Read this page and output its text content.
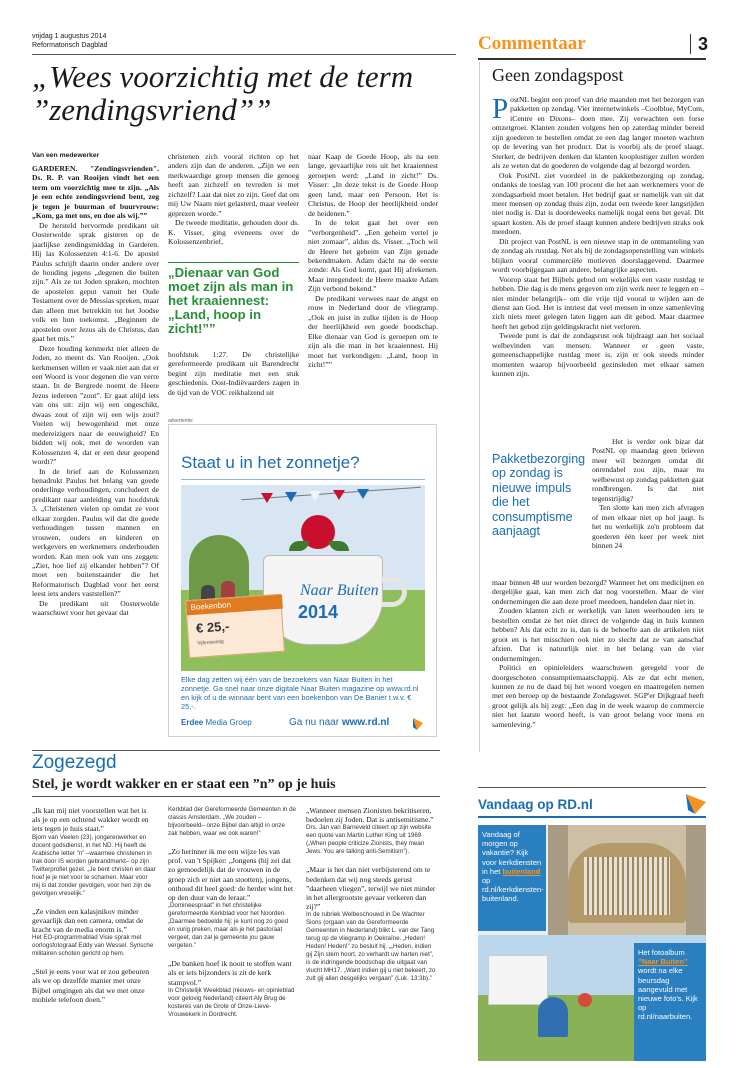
vrijdag 1 augustus 2014
Reformatorisch Dagblad	Commentaar	3
„Wees voorzichtig met de term ”zendingsvriend””
Van een medewerker

GARDEREN. "Zendingsvrienden". Ds. R. P. van Rooijen vindt het een term om voorzichtig mee te zijn. „Als je een echte zendingsvriend bent, zeg je tegen je buurman of buurvrouw: „Kom, ga met ons, en doe als wij.””

De hersteld hervormde predikant uit Oosterwolde sprak gisteren op de jaarlijkse zendingsmiddag in Garderen. Hij las Kolossenzen 4:1-6. De apostel Paulus schrijft daarin onder andere over de houding jegens „degenen die buiten zijn.” Als ze tot Joden spraken, mochten de apostelen geput vanuit het Oude Testament over de Messias spreken, maar dan alleen met betrekkin tot het Joodse volk en hun toekomst. „Beginnen de apostelen over Jezus als de Christus, dan gaat het mis.”

Deze houding kenmerkt niet alleen de Joden, zo meent ds. Van Rooijen. „Ook kerkmensen willen er vaak niet aan dat er een Woord is voor degenen die van verre staan. In de Bergrede noemt de Heere Jezus iedereen ”zout”. Er gaat altijd iets van ons uit: zijn wij een ongeschikt, dwaas zout of zijn wij een wijs zout? Voelen wij bewogenheid met onze medereizigers naar de eeuwigheid? En bidden wij ook, met de woorden van Kolossenzen 4, dat er een deur geopend wordt?”

In de brief aan de Kolossenzen benadrukt Paulus het belang van goede onderlinge verhoudingen, concludeert de predikant naar aanleiding van hoofdstuk 3. „Christenen vielen op omdat ze voor elkaar zorgden. Paulus wil dat die goede verhoudingen tussen mannen en vrouwen, ouders en kinderen en werkgevers en werknemers onderhouden worden. Kan men ook van ons zeggen: „Ziet, hoe lief zij elkander hebben”? Of moet een buitenstaander die het Reformatorisch Dagblad voor het eerst leest iets anders vaststellen?”

De predikant uit Oosterwolde waarschuwt voor het gevaar dat

christenen zich vooral richten op het anders zijn dan de anderen. „Zijn we een merkwaardige groep mensen die genoeg heeft aan zichzelf en tevreden is met zichzelf? Laat dat niet zo zijn. Geef dat om mij Uw Naam niet gelasterd, maar veeleer geprezen worde.”

De tweede meditatie, gehouden door ds. K. Visser, ging eveneens over de Kolossenzenbrief,

„Dienaar van God moet zijn als man in het kraaiennest: „Land, hoop in zicht!””

hoofdstuk 1:27. De christelijke gereformeerde predikant uit Barendrecht begint zijn meditatie met een stuk geschiedenis. Oost-Indiëvaarders zagen in de tijd van de VOC reikhalzend uit

naar Kaap de Goede Hoop, als na een lange, gevaarlijke reis uit het kraaiennest geroepen werd: „Land in zicht!” Ds. Visser: „In deze tekst is de Goede Hoop geen land, maar een Persoon. Het is Christus, de Hoop der heerlijkheid onder de heidenen.”

In de tekst gaat het over een ”verborgenheid”. „Een geheim vertel je niet zomaar”, aldus ds. Visser. „Toch wil de Heere het geheim van Zijn genade bekendmaken. Adam dacht na de eerste zonde: Als God komt, gaat Hij afrekenen. Maar integendeel: de Heere maakte Adam Zijn verbond bekend.”

De predikant verwees naar de angst en rouw in Nederland door de vliegramp. „Ook en juist in zulke tijden is de Hoop der heerlijkheid een goede boodschap. Elke dienaar van God is geroepen om te zijn als die man in het kraaiennest. Hij moet het verkondigen: „Land, hoop in zicht!””

advertentie
Staat u in het zonnetje?
Naar Buiten
2014
Boekenbon
€ 25,-
Vijfentwintig
Elke dag zetten wij één van de bezoekers van Naar Buiten in het zonnetje. Ga snel naar onze digitale Naar Buiten magazine op www.rd.nl en kijk of u de winnaar bent van een boekenbon van De Banier t.w.v. € 25,-.
Erdee Media Groep	Ga nu naar www.rd.nl
Zogezegd
Stel, je wordt wakker en er staat een ”n” op je huis
„Ik kan mij niet voorstellen wat het is als je op een ochtend wakker wordt en iets tegen je huis staat.”
Bjorn van Veelen (23), jongerenwerker en docent godsdienst, in het ND. Hij heeft de Arabische letter ”n” –waarmee christenen in Irak door IS worden gebrandmerkt– op zijn Twitterprofiel gezet. „Je bent christen en daar hoef je je niet voor te schamen. Maar voor mij is dat zonder gevolgen, voor hen zijn de gevolgen vreselijk.”
„Ze vinden een kalasjnikov minder gevaarlijk dan een camera, omdat de kracht van de media enorm is.”
Het EO-programmablad Visie sprak met oorlogsfotograaf Eddy van Wessel. Syrische militairen schoten gericht op hem.
„Stel je eens voor wat er zou gebeuren als we op dezelfde manier met onze Bijbel omgingen als dat we met onze mobiele telefoon doen.”
Kerkblad der Gereformeerde Gemeenten in de classis Amsterdam. „We zouden –bijvoorbeeld– onze Bijbel dan altijd in onze zak hebben, waar we ook waren!”
„Zo herinner ik me een wijze les van prof. van 't Spijker: „Jongens (hij zei dat zo gemoedelijk dat de vrouwen in de groep zich er niet aan stootten), jongens, onthoud dit heel goed: de herder wint het op den duur van de leraar.”
„Domineespraat” in het christelijke gereformeerde Kerkblad voor het Noorden. „Daarmee bedoelde hij: je kunt nog zo goed en vurig preken, maar als je het pastoraat vergeet, dan zal je gemeente jou gauw vergeten.”
„De banken hoef ik nooit te stoffen want als er iets bijzonders is zit de kerk stampvol.”
In Christelijk Weekblad (nieuws- en opinieblad voor gelovig Nederland) citeert Aly Brug de kosteres van de Grote of Onze-Lieve-Vrouwekerk in Dordrecht.
„Wanneer mensen Zionisten bekritiseren, bedoelen zij Joden. Dat is antisemitisme.”
Drs. Jan van Barneveld citeert op zijn website een quote van Martin Luther King uit 1969 („When people criticize Zionists, they mean Jews. You are talking anti-Semitism”).
„Maar is het dan niet verbijsterend om te bedenken dat wij nog steeds gerust ”daarheen vliegen”, terwijl we niet minder in het allergrootste gevaar verkeren dan zij?”
In de rubriek Welbeschouwd in De Wachter Sions (orgaan van de Gereformeerde Gemeenten in Nederland) blikt L. van der Tang terug op de vliegramp in Oekraïne. „Heden! Heden! Heden!” zo besluit hij. „„Heden, indien gij Zijn stem hoort, zo verhardt uw harten niet”, is de indringende boodschap die uitgaat van vlucht MH17. „Want indien gij u niet bekeert, zo zult gij allen desgelijks vergaan” (Luk. 13:3b).”
Geen zondagspost

PostNL begint een proef van drie maanden met het bezorgen van pakketten op zondag. Vier internetwinkels –Coolblue, MyCom, iCentre en Dixons– doen mee. Zij verwachten een forse omzetgroei. Klanten zouden volgens hen op zaterdag minder bereid zijn goederen te bestellen omdat ze een dag langer moeten wachten op de levering van het product. Dat is voorbij als de proef slaagt. Sterker, de bedrijven denken dat klanten kooplustiger zullen worden als ze weten dat de goederen de volgende dag al bezorgd worden.

Ook PostNL ziet voordeel in de pakketbezorging op zondag, ondanks de toeslag van 100 procent die het aan werknemers voor de zondagsarbeid moet betalen. Het bedrijf gaat er namelijk van uit dat meer mensen op zondag thuis zijn, zodat een tweede keer langsrijden niet nodig is. Dat is doordeweeks namelijk nogal eens het geval. Dit spaart kosten. Als de proef slaagt kunnen andere bedrijven straks ook meedoen.

Dit project van PostNL is een nieuwe stap in de ontmanteling van de zondag als rustdag. Net als bij de zondagsopenstelling van winkels blijken vooral commerciële motieven doorslaggevend. Daarmee wordt voorbijgegaan aan andere, belangrijke aspecten.

Voorop staat het Bijbels gebod om wekelijks een vaste rustdag te hebben. Die dag is de mens gegeven om zijn werk neer te leggen en –niet minder belangrijk– om die vrije tijd vooral te wijden aan de dienst aan God. Het is intriest dat veel mensen in onze samenleving zich niets meer gelegen laten liggen aan dit gebod. Maar daarmee heeft het gebod zijn geldingskracht niet verloren.

Tweede punt is dat de zondagsrust ook bijdraagt aan het sociaal welbevinden van mensen. Wanneer er geen vaste, gemeenschappelijke rustdag meer is, zijn er ook steeds minder momenten waarop bijvoorbeeld gezinsleden met elkaar samen kunnen zijn.

Pakketbezorging op zondag is nieuwe impuls die het consumptisme aanjaagt

Het is verder ook bizar dat PostNL op maandag geen brieven meer wil bezorgen omdat dit onrendabel zou zijn, maar nu welbewust op zondag pakketten gaat rondbrengen. Is dat niet tegenstrijdig?

Ten slotte kan men zich afvragen of men elkaar niet op hol jaagt. Is het nu werkelijk zo'n probleem dat goederen één keer per week niet binnen 24

maar binnen 48 uur worden bezorgd? Wanneer het om medicijnen en dergelijke gaat, kan men zich dat nog voorstellen. Maar de vier ondernemingen die aan deze proef meedoen, handelen daar niet in.

Zouden klanten zich er werkelijk van laten weerhouden iets te bestellen omdat ze het niet direct de volgende dag in huis kunnen hebben? Als dat echt zo is, dan is de behoefte aan de artikelen niet groot en is het misschien ook niet zo slecht dat ze van aanschaf afzien. Dat is natuurlijk niet in het belang van de vier ondernemingen.

Politici en opinieleiders waarschuwen geregeld voor de doorgeschoten consumptiemaatschappij. Als ze dat echt menen, kunnen ze nu de daad bij het woord voegen en maatregelen nemen met een beroep op de bestaande Zondagswet. SGP'er Dijkgraaf heeft groot gelijk als hij zegt: „Een dag in de week waarop de commercie niet het laatste woord heeft, is van groot belang voor mens en samenleving.”

Vandaag op RD.nl
Vandaag of morgen op vakantie? Kijk voor kerkdiensten in het buitenland op rd.nl/kerkdiensten-buitenland.
Het fotoalbum ”Naar Buiten” wordt na elke beursdag aangevuld met nieuwe foto's. Kijk op rd.nl/naarbuiten.
